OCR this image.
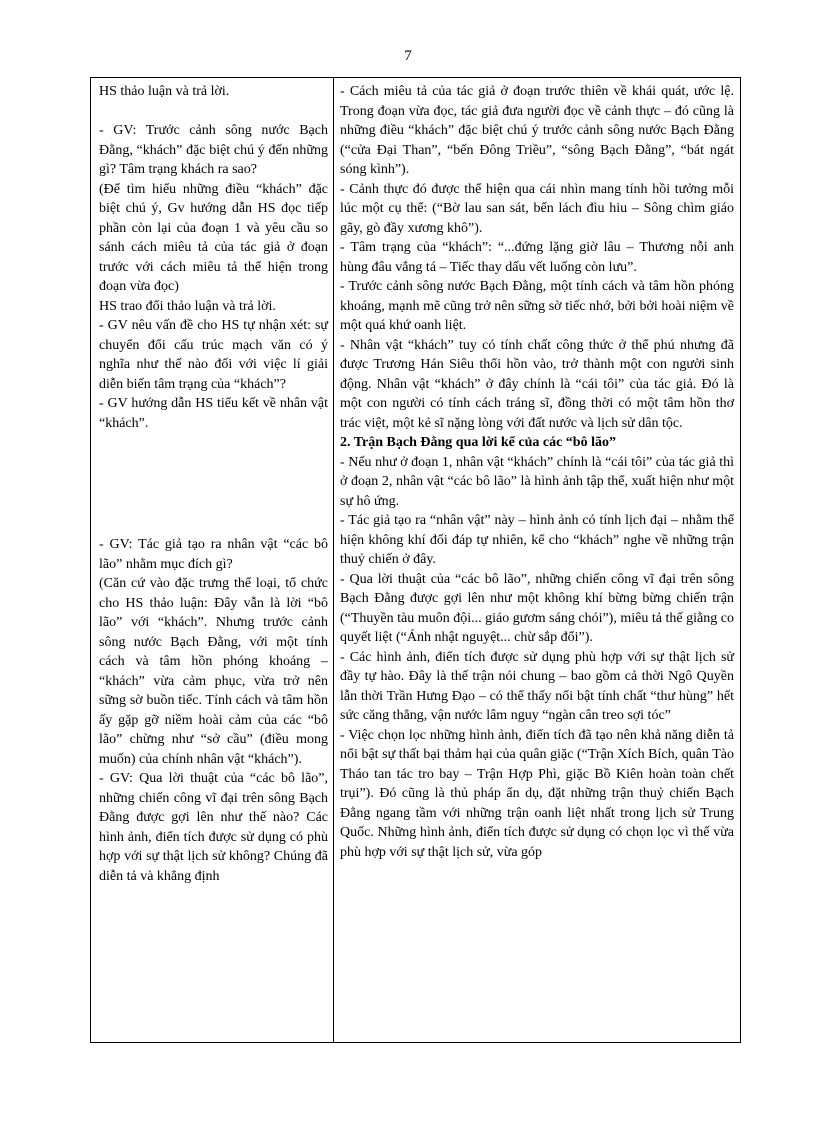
7

HS thảo luận và trả lời.

- GV: Trước cảnh sông nước Bạch Đằng, “khách” đặc biệt chú ý đến những gì? Tâm trạng khách ra sao?

(Để tìm hiểu những điều “khách” đặc biệt chú ý, Gv hướng dẫn HS đọc tiếp phần còn lại của đoạn 1 và yêu cầu so sánh cách miêu tả của tác giả ở đoạn trước với cách miêu tả thể hiện trong đoạn vừa đọc)

HS trao đổi thảo luận và trả lời.

- GV nêu vấn đề cho HS tự nhận xét: sự chuyển đổi cấu trúc mạch văn có ý nghĩa như thế nào đối với việc lí giải diễn biến tâm trạng của “khách”?

- GV hướng dẫn HS tiểu kết về nhân vật “khách”.

- GV: Tác giả tạo ra nhân vật “các bô lão” nhằm mục đích gì?

(Căn cứ vào đặc trưng thể loại, tổ chức cho HS thảo luận: Đây vẫn là lời “bô lão” với “khách”. Nhưng trước cảnh sông nước Bạch Đằng, với một tính cách và tâm hồn phóng khoáng – “khách” vừa cảm phục, vừa trở nên sững sờ buồn tiếc. Tính cách và tâm hồn ấy gặp gỡ niềm hoài cảm của các “bô lão” chừng như “sở cầu” (điều mong muốn) của chính nhân vật “khách”).

- GV: Qua lời thuật của “các bô lão”, những chiến công vĩ đại trên sông Bạch Đằng được gợi lên như thế nào? Các hình ảnh, điển tích được sử dụng có phù hợp với sự thật lịch sử không? Chúng đã diễn tả và khẳng định

- Cách miêu tả của tác giả ở đoạn trước thiên về khái quát, ước lệ. Trong đoạn vừa đọc, tác giả đưa người đọc về cảnh thực – đó cũng là những điều “khách” đặc biệt chú ý trước cảnh sông nước Bạch Đằng (“cửa Đại Than”, “bến Đông Triều”, “sông Bạch Đằng”, “bát ngát sóng kình”).

- Cảnh thực đó được thể hiện qua cái nhìn mang tính hồi tưởng mỗi lúc một cụ thể: (“Bờ lau san sát, bến lách đìu hiu – Sông chìm giáo gãy, gò đầy xương khô”).

- Tâm trạng của “khách”: “...đứng lặng giờ lâu – Thương nỗi anh hùng đâu vắng tá – Tiếc thay dấu vết luống còn lưu”.

- Trước cảnh sông nước Bạch Đằng, một tính cách và tâm hồn phóng khoáng, mạnh mẽ cũng trở nên sững sờ tiếc nhớ, bởi bởi hoài niệm về một quá khứ oanh liệt.

- Nhân vật “khách” tuy có tính chất công thức ở thể phú nhưng đã được Trương Hán Siêu thổi hồn vào, trở thành một con người sinh động. Nhân vật “khách” ở đây chính là “cái tôi” của tác giả. Đó là một con người có tính cách tráng sĩ, đồng thời có một tâm hồn thơ trác việt, một kẻ sĩ nặng lòng với đất nước và lịch sử dân tộc.

2. Trận Bạch Đằng qua lời kể của các “bô lão”

- Nếu như ở đoạn 1, nhân vật “khách” chính là “cái tôi” của tác giả thì ở đoạn 2, nhân vật “các bô lão” là hình ảnh tập thể, xuất hiện như một sự hô ứng.

- Tác giả tạo ra “nhân vật” này – hình ảnh có tính lịch đại – nhằm thể hiện không khí đối đáp tự nhiên, kể cho “khách” nghe về những trận thuỷ chiến ở đây.

- Qua lời thuật của “các bô lão”, những chiến công vĩ đại trên sông Bạch Đằng được gợi lên như một không khí bừng bừng chiến trận (“Thuyền tàu muôn đội... giáo gươm sáng chói”), miêu tả thế giằng co quyết liệt (“Ánh nhật nguyệt... chừ sắp đổi”).

- Các hình ảnh, điển tích được sử dụng phù hợp với sự thật lịch sử đầy tự hào. Đây là thế trận nói chung – bao gồm cả thời Ngô Quyền lẫn thời Trần Hưng Đạo – có thể thấy nổi bật tính chất “thư hùng” hết sức căng thẳng, vận nước lâm nguy “ngàn cân treo sợi tóc”

- Việc chọn lọc những hình ảnh, điển tích đã tạo nên khả năng diễn tả nổi bật sự thất bại thảm hại của quân giặc (“Trận Xích Bích, quân Tào Tháo tan tác tro bay – Trận Hợp Phì, giặc Bồ Kiên hoàn toàn chết trụi”). Đó cũng là thủ pháp ẩn dụ, đặt những trận thuỷ chiến Bạch Đằng ngang tầm với những trận oanh liệt nhất trong lịch sử Trung Quốc. Những hình ảnh, điển tích được sử dụng có chọn lọc vì thế vừa phù hợp với sự thật lịch sử, vừa góp
